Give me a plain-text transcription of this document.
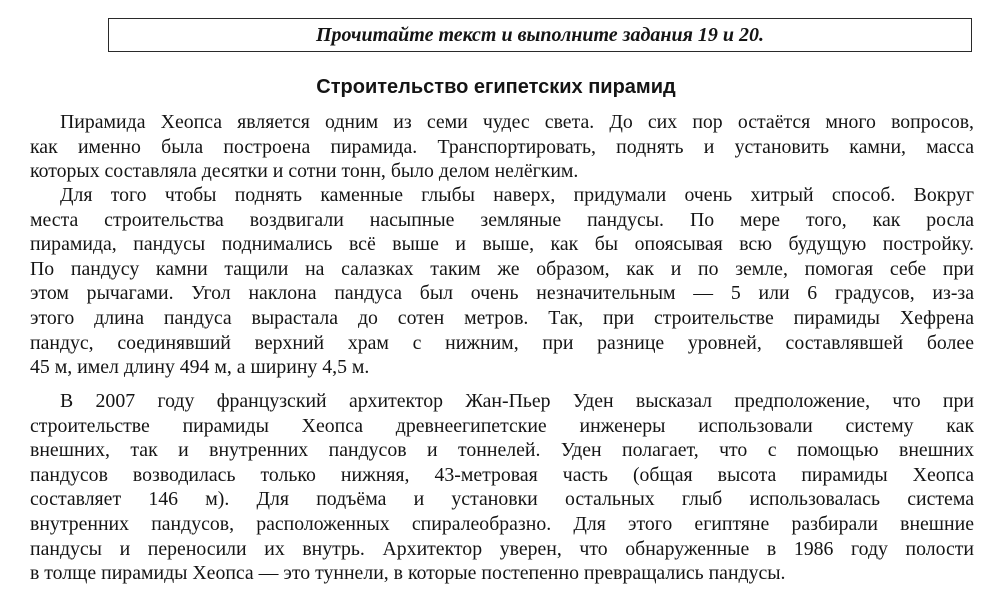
Прочитайте текст и выполните задания 19 и 20.
Строительство египетских пирамид
Пирамида Хеопса является одним из семи чудес света. До сих пор остаётся много вопросов,
как именно была построена пирамида. Транспортировать, поднять и установить камни, масса
которых составляла десятки и сотни тонн, было делом нелёгким.
Для того чтобы поднять каменные глыбы наверх, придумали очень хитрый способ. Вокруг
места строительства воздвигали насыпные земляные пандусы. По мере того, как росла
пирамида, пандусы поднимались всё выше и выше, как бы опоясывая всю будущую постройку.
По пандусу камни тащили на салазках таким же образом, как и по земле, помогая себе при
этом рычагами. Угол наклона пандуса был очень незначительным — 5 или 6 градусов, из-за
этого длина пандуса вырастала до сотен метров. Так, при строительстве пирамиды Хефрена
пандус, соединявший верхний храм с нижним, при разнице уровней, составлявшей более
45 м, имел длину 494 м, а ширину 4,5 м.
В 2007 году французский архитектор Жан-Пьер Уден высказал предположение, что при
строительстве пирамиды Хеопса древнеегипетские инженеры использовали систему как
внешних, так и внутренних пандусов и тоннелей. Уден полагает, что с помощью внешних
пандусов возводилась только нижняя, 43-метровая часть (общая высота пирамиды Хеопса
составляет 146 м). Для подъёма и установки остальных глыб использовалась система
внутренних пандусов, расположенных спиралеобразно. Для этого египтяне разбирали внешние
пандусы и переносили их внутрь. Архитектор уверен, что обнаруженные в 1986 году полости
в толще пирамиды Хеопса — это туннели, в которые постепенно превращались пандусы.
